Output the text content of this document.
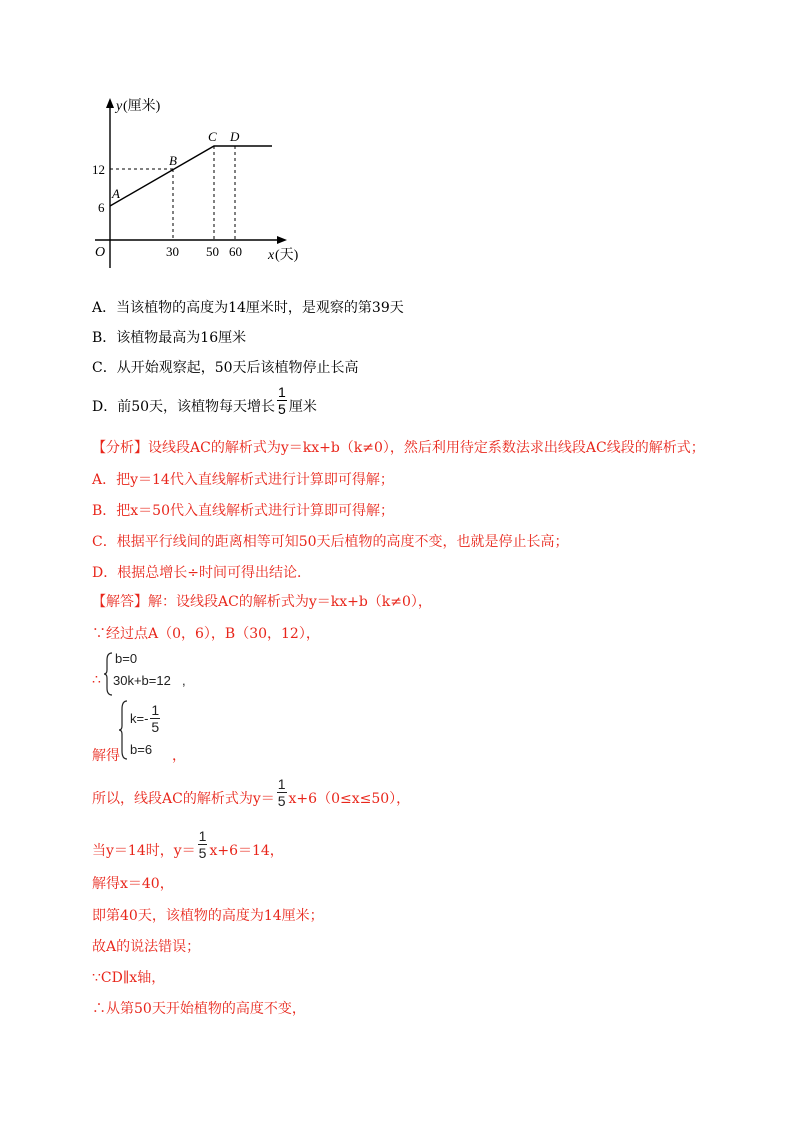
y (厘米)
x (天)
O
A
B
C D
12
6
30 50 60
A．当该植物的高度为14厘米时，是观察的第39天
B．该植物最高为16厘米
C．从开始观察起，50天后该植物停止长高
D．前50天，该植物每天增长 $\frac{1}{5}$ 厘米
【分析】设线段AC的解析式为y＝kx+b（k≠0），然后利用待定系数法求出线段AC线段的解析式；
A．把y＝14代入直线解析式进行计算即可得解；
B．把x＝50代入直线解析式进行计算即可得解；
C．根据平行线间的距离相等可知50天后植物的高度不变，也就是停止长高；
D．根据总增长÷时间可得出结论．
【解答】解：设线段AC的解析式为y＝kx+b（k≠0），
∵经过点A（0，6），B（30，12），
∴
b=0
30k+b=12 ,
解得
$k=- \frac{1}{5}$
b=6 ，
所以，线段AC的解析式为$y= \frac{1}{5} x+6(0\le x\le 50)$，
当y＝14时，$y= \frac{1}{5} x+6=14$，
解得x＝40，
即第40天，该植物的高度为14厘米；
故A的说法错误；
∵CD∥x轴，
∴从第50天开始植物的高度不变，
